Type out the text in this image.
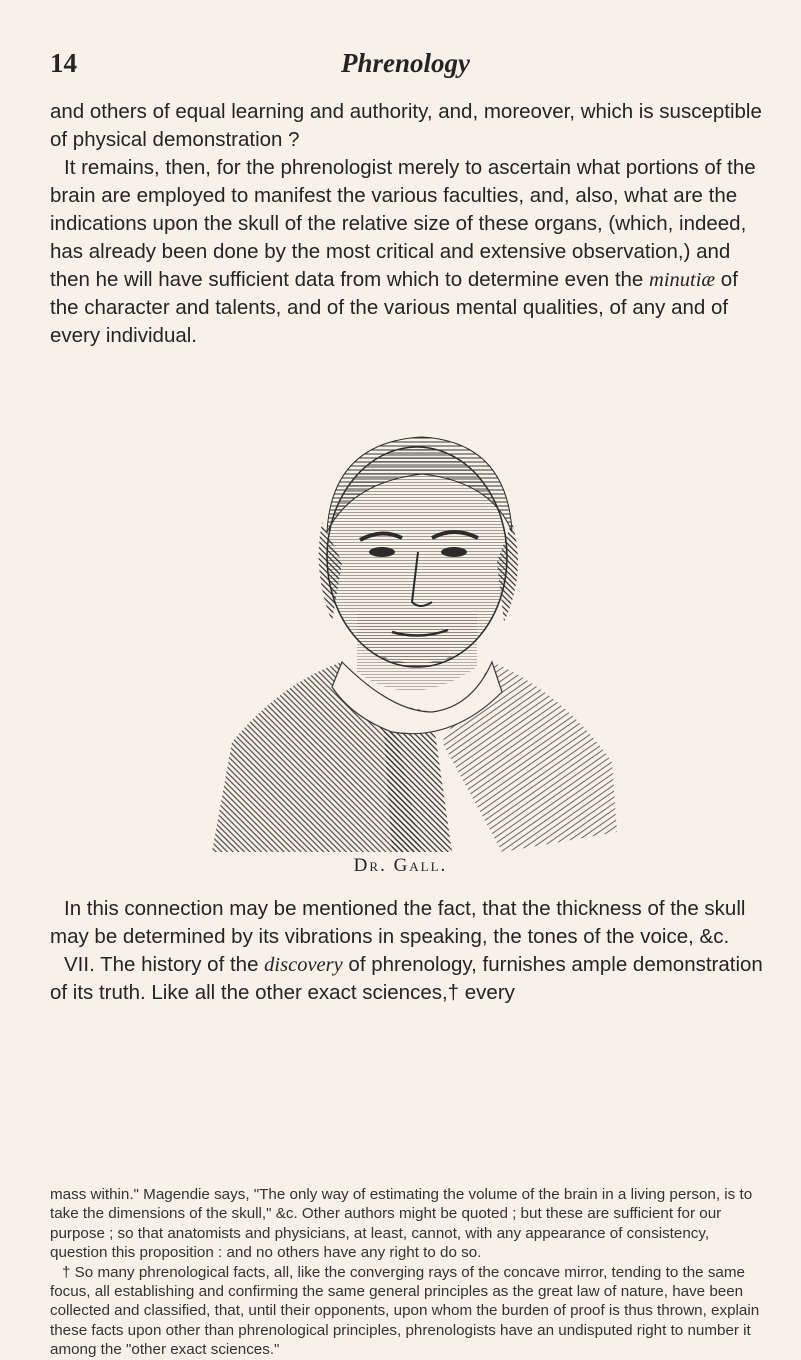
14	Phrenology

and others of equal learning and authority, and, moreover, which is susceptible of physical demonstration ?

It remains, then, for the phrenologist merely to ascertain what portions of the brain are employed to manifest the various faculties, and, also, what are the indications upon the skull of the relative size of these organs, (which, indeed, has already been done by the most critical and extensive observation,) and then he will have sufficient data from which to determine even the minutiæ of the character and talents, and of the various mental qualities, of any and of every individual.

Dr. Gall.

In this connection may be mentioned the fact, that the thickness of the skull may be determined by its vibrations in speaking, the tones of the voice, &c.

VII. The history of the discovery of phrenology, furnishes ample demonstration of its truth. Like all the other exact sciences,† every

mass within." Magendie says, "The only way of estimating the volume of the brain in a living person, is to take the dimensions of the skull," &c. Other authors might be quoted ; but these are sufficient for our purpose ; so that anatomists and physicians, at least, cannot, with any appearance of consistency, question this proposition : and no others have any right to do so.

† So many phrenological facts, all, like the converging rays of the concave mirror, tending to the same focus, all establishing and confirming the same general principles as the great law of nature, have been collected and classified, that, until their opponents, upon whom the burden of proof is thus thrown, explain these facts upon other than phrenological principles, phrenologists have an undisputed right to number it among the "other exact sciences."
